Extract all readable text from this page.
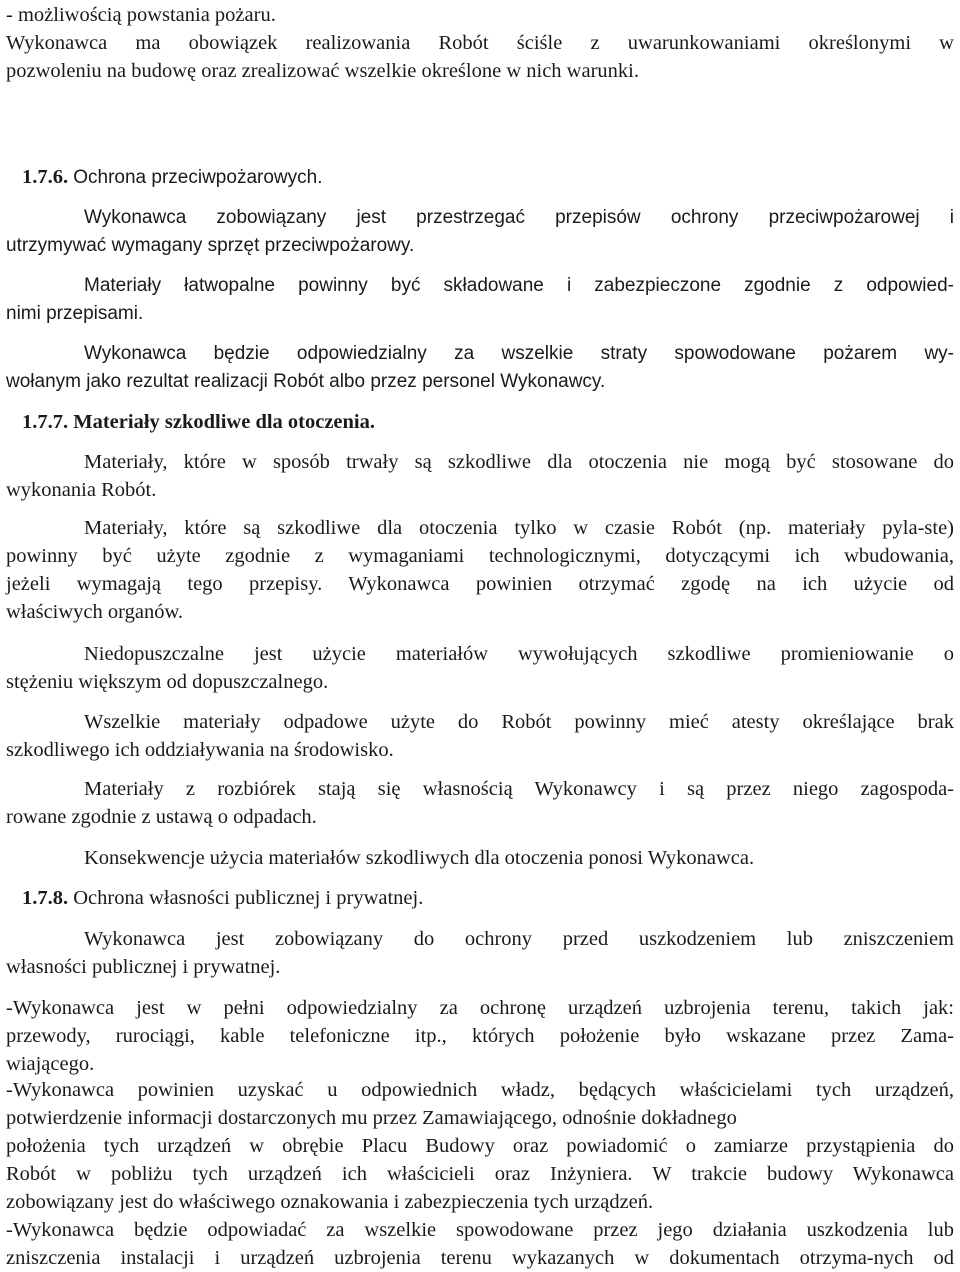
- możliwością powstania pożaru.
Wykonawca ma obowiązek realizowania Robót ściśle z uwarunkowaniami określonymi w
pozwoleniu na budowę oraz zrealizować wszelkie określone w nich warunki.
1.7.6. Ochrona przeciwpożarowych.
Wykonawca zobowiązany jest przestrzegać przepisów ochrony przeciwpożarowej i
utrzymywać wymagany sprzęt przeciwpożarowy.
Materiały łatwopalne powinny być składowane i zabezpieczone zgodnie z odpowied-
nimi przepisami.
Wykonawca będzie odpowiedzialny za wszelkie straty spowodowane pożarem wy-
wołanym jako rezultat realizacji Robót albo przez personel Wykonawcy.
1.7.7. Materiały szkodliwe dla otoczenia.
Materiały, które w sposób trwały są szkodliwe dla otoczenia nie mogą być stosowane do
wykonania Robót.
Materiały, które są szkodliwe dla otoczenia tylko w czasie Robót (np. materiały pyla-ste)
powinny być użyte zgodnie z wymaganiami technologicznymi, dotyczącymi ich wbudowania,
jeżeli wymagają tego przepisy. Wykonawca powinien otrzymać zgodę na ich użycie od
właściwych organów.
Niedopuszczalne jest użycie materiałów wywołujących szkodliwe promieniowanie o
stężeniu większym od dopuszczalnego.
Wszelkie materiały odpadowe użyte do Robót powinny mieć atesty określające brak
szkodliwego ich oddziaływania na środowisko.
Materiały z rozbiórek stają się własnością Wykonawcy i są przez niego zagospoda-
rowane zgodnie z ustawą o odpadach.
Konsekwencje użycia materiałów szkodliwych dla otoczenia ponosi Wykonawca.
1.7.8. Ochrona własności publicznej i prywatnej.
Wykonawca jest zobowiązany do ochrony przed uszkodzeniem lub zniszczeniem
własności publicznej i prywatnej.
-Wykonawca jest w pełni odpowiedzialny za ochronę urządzeń uzbrojenia terenu, takich jak:
przewody, rurociągi, kable telefoniczne itp., których położenie było wskazane przez Zama-
wiającego.
-Wykonawca powinien uzyskać u odpowiednich władz, będących właścicielami tych urządzeń,
potwierdzenie informacji dostarczonych mu przez Zamawiającego, odnośnie dokładnego
położenia tych urządzeń w obrębie Placu Budowy oraz powiadomić o zamiarze przystąpienia do
Robót w pobliżu tych urządzeń ich właścicieli oraz Inżyniera. W trakcie budowy Wykonawca
zobowiązany jest do właściwego oznakowania i zabezpieczenia tych urządzeń.
-Wykonawca będzie odpowiadać za wszelkie spowodowane przez jego działania uszkodzenia lub
zniszczenia instalacji i urządzeń uzbrojenia terenu wykazanych w dokumentach otrzyma-nych od
